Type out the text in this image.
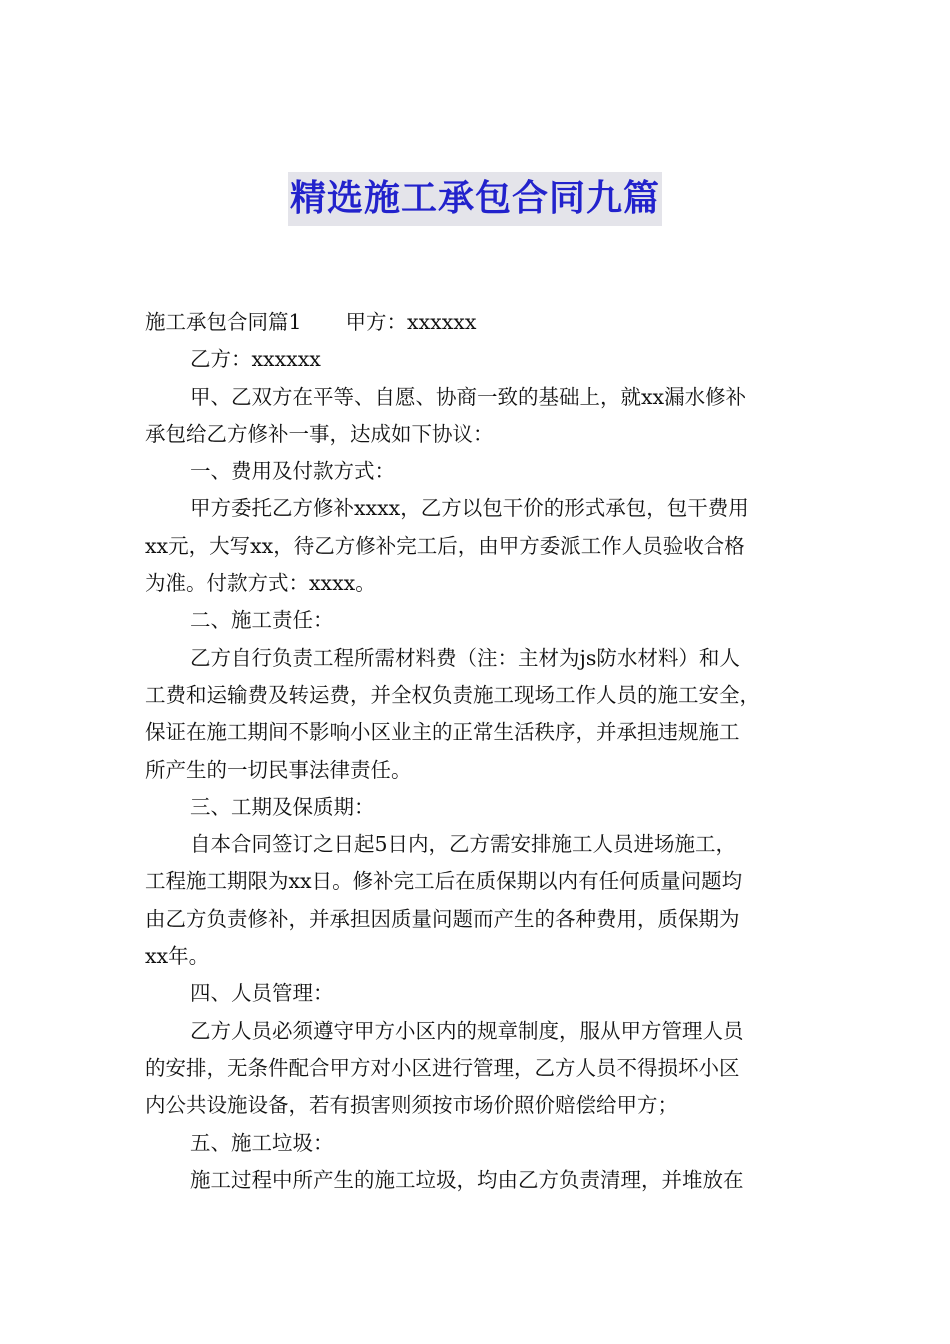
精选施工承包合同九篇
施工承包合同篇1 甲方：xxxxxx
乙方：xxxxxx
甲、乙双方在平等、自愿、协商一致的基础上，就xx漏水修补
承包给乙方修补一事，达成如下协议：
一、费用及付款方式：
甲方委托乙方修补xxxx，乙方以包干价的形式承包，包干费用
xx元，大写xx，待乙方修补完工后，由甲方委派工作人员验收合格
为准。付款方式：xxxx。
二、施工责任：
乙方自行负责工程所需材料费（注：主材为js防水材料）和人
工费和运输费及转运费，并全权负责施工现场工作人员的施工安全，
保证在施工期间不影响小区业主的正常生活秩序，并承担违规施工
所产生的一切民事法律责任。
三、工期及保质期：
自本合同签订之日起5日内，乙方需安排施工人员进场施工，
工程施工期限为xx日。修补完工后在质保期以内有任何质量问题均
由乙方负责修补，并承担因质量问题而产生的各种费用，质保期为
xx年。
四、人员管理：
乙方人员必须遵守甲方小区内的规章制度，服从甲方管理人员
的安排，无条件配合甲方对小区进行管理，乙方人员不得损坏小区
内公共设施设备，若有损害则须按市场价照价赔偿给甲方；
五、施工垃圾：
施工过程中所产生的施工垃圾，均由乙方负责清理，并堆放在
